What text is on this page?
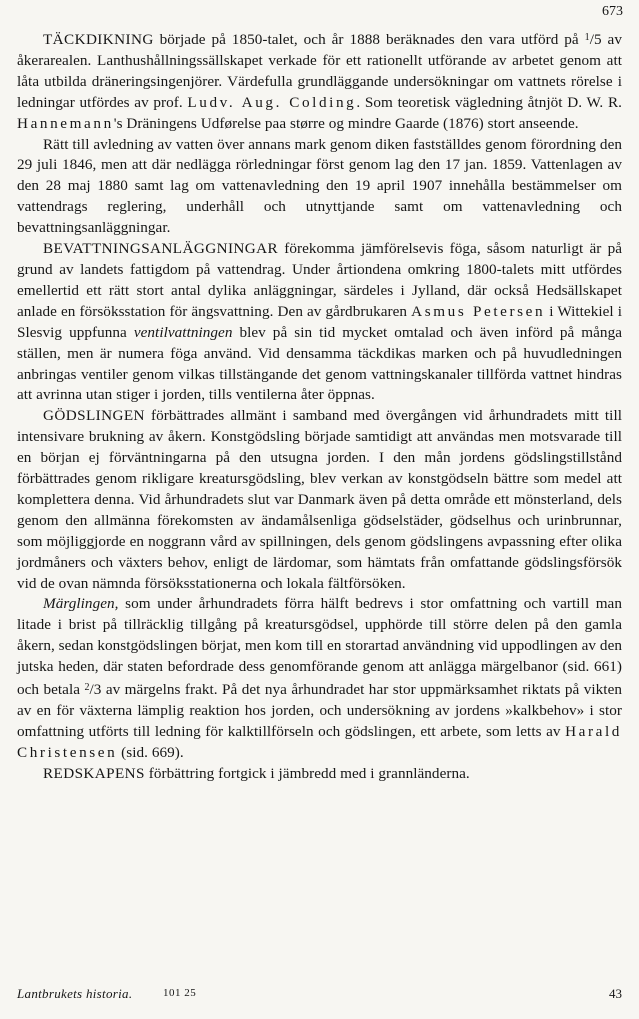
673

TÄCKDIKNING började på 1850-talet, och år 1888 beräknades den vara utförd på $^1$/5 av åkerarealen. Lanthushållningssällskapet verkade för ett rationellt utförande av arbetet genom att låta utbilda dräneringsingenjörer. Värdefulla grundläggande undersökningar om vattnets rörelse i ledningar utfördes av prof. Ludv. Aug. Colding. Som teoretisk vägledning åtnjöt D. W. R. Hannemann's Dräningens Udførelse paa større og mindre Gaarde (1876) stort anseende.

Rätt till avledning av vatten över annans mark genom diken fastställdes genom förordning den 29 juli 1846, men att där nedlägga rörledningar först genom lag den 17 jan. 1859. Vattenlagen av den 28 maj 1880 samt lag om vattenavledning den 19 april 1907 innehålla bestämmelser om vattendrags reglering, underhåll och utnyttjande samt om vattenavledning och bevattningsanläggningar.

BEVATTNINGSANLÄGGNINGAR förekomma jämförelsevis föga, såsom naturligt är på grund av landets fattigdom på vattendrag. Under årtiondena omkring 1800-talets mitt utfördes emellertid ett rätt stort antal dylika anläggningar, särdeles i Jylland, där också Hedsällskapet anlade en försöksstation för ängsvattning. Den av gårdbrukaren Asmus Petersen i Wittekiel i Slesvig uppfunna ventilvattningen blev på sin tid mycket omtalad och även införd på många ställen, men är numera föga använd. Vid densamma täckdikas marken och på huvudledningen anbringas ventiler genom vilkas tillstängande det genom vattningskanaler tillförda vattnet hindras att avrinna utan stiger i jorden, tills ventilerna åter öppnas.

GÖDSLINGEN förbättrades allmänt i samband med övergången vid århundradets mitt till intensivare brukning av åkern. Konstgödsling började samtidigt att användas men motsvarade till en början ej förväntningarna på den utsugna jorden. I den mån jordens gödslingstillstånd förbättrades genom rikligare kreatursgödsling, blev verkan av konstgödseln bättre som medel att komplettera denna. Vid århundradets slut var Danmark även på detta område ett mönsterland, dels genom den allmänna förekomsten av ändamålsenliga gödselstäder, gödselhus och urinbrunnar, som möjliggjorde en noggrann vård av spillningen, dels genom gödslingens avpassning efter olika jordmåners och växters behov, enligt de lärdomar, som hämtats från omfattande gödslingsförsök vid de ovan nämnda försöksstationerna och lokala fältförsöken.

Märglingen, som under århundradets förra hälft bedrevs i stor omfattning och vartill man litade i brist på tillräcklig tillgång på kreatursgödsel, upphörde till större delen på den gamla åkern, sedan konstgödslingen börjat, men kom till en storartad användning vid uppodlingen av den jutska heden, där staten befordrade dess genomförande genom att anlägga märgelbanor (sid. 661) och betala $^2$/3 av märgelns frakt. På det nya århundradet har stor uppmärksamhet riktats på vikten av en för växterna lämplig reaktion hos jorden, och undersökning av jordens »kalkbehov» i stor omfattning utförts till ledning för kalktillförseln och gödslingen, ett arbete, som letts av Harald Christensen (sid. 669).

REDSKAPENS förbättring fortgick i jämbredd med i grannländerna.

Lantbrukets historia.	101 25	43
